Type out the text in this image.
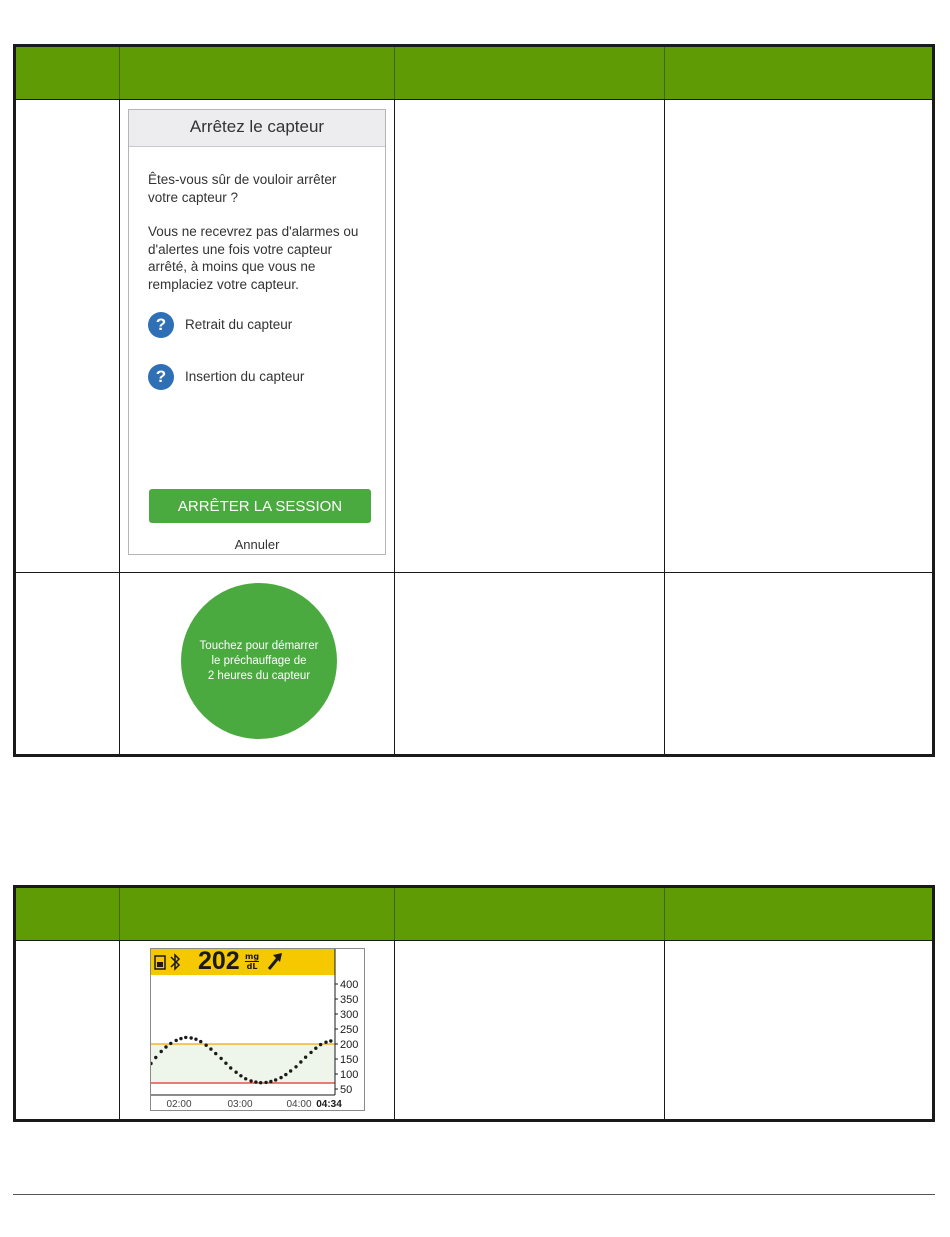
Arrêtez le capteur

Êtes-vous sûr de vouloir arrêter votre capteur ?

Vous ne recevrez pas d'alarmes ou d'alertes une fois votre capteur arrêté, à moins que vous ne remplaciez votre capteur.

?	Retrait du capteur
?	Insertion du capteur
ARRÊTER LA SESSION
Annuler
Touchez pour démarrer
le préchauffage de
2 heures du capteur
202 mg
dL
400
350
300
250
200
150
100
50
02:00	03:00	04:00 04:34
